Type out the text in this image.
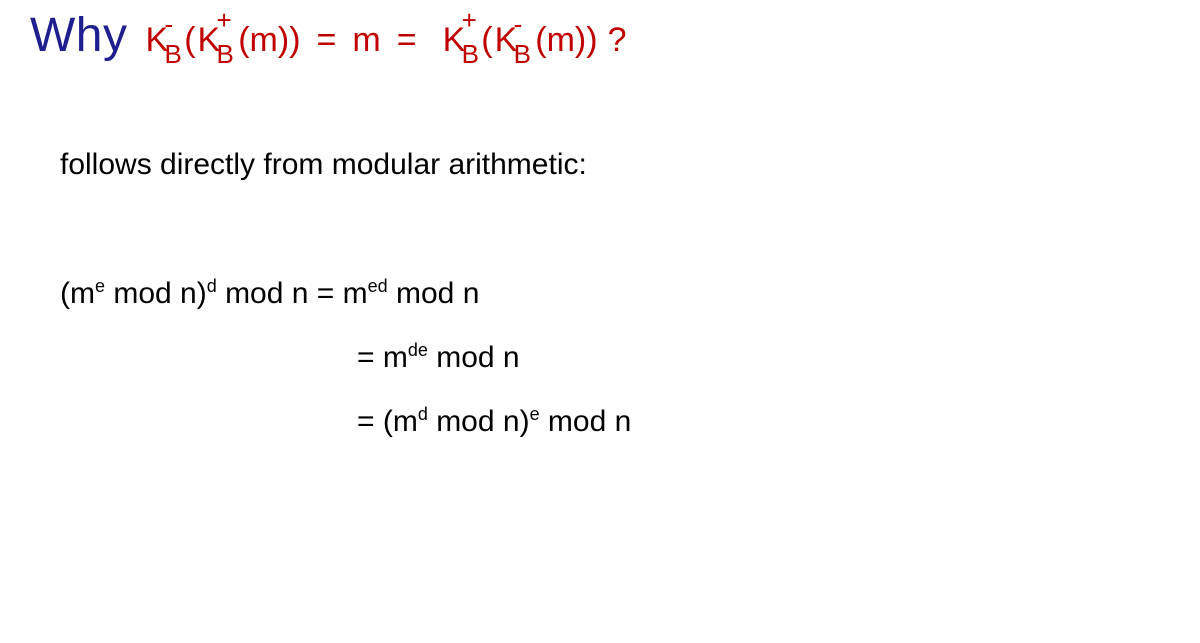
Why K
-
B ( K
+
B ( m ) ) = m = K
+
B ( K
-
B ( m ) ) ?
follows directly from modular arithmetic:
($m^e$ mod n)$^d$ mod $n = m^{ed}$ mod n
= $m^{de}$ mod n
= ($m^d$ mod n)$^e$ mod n
